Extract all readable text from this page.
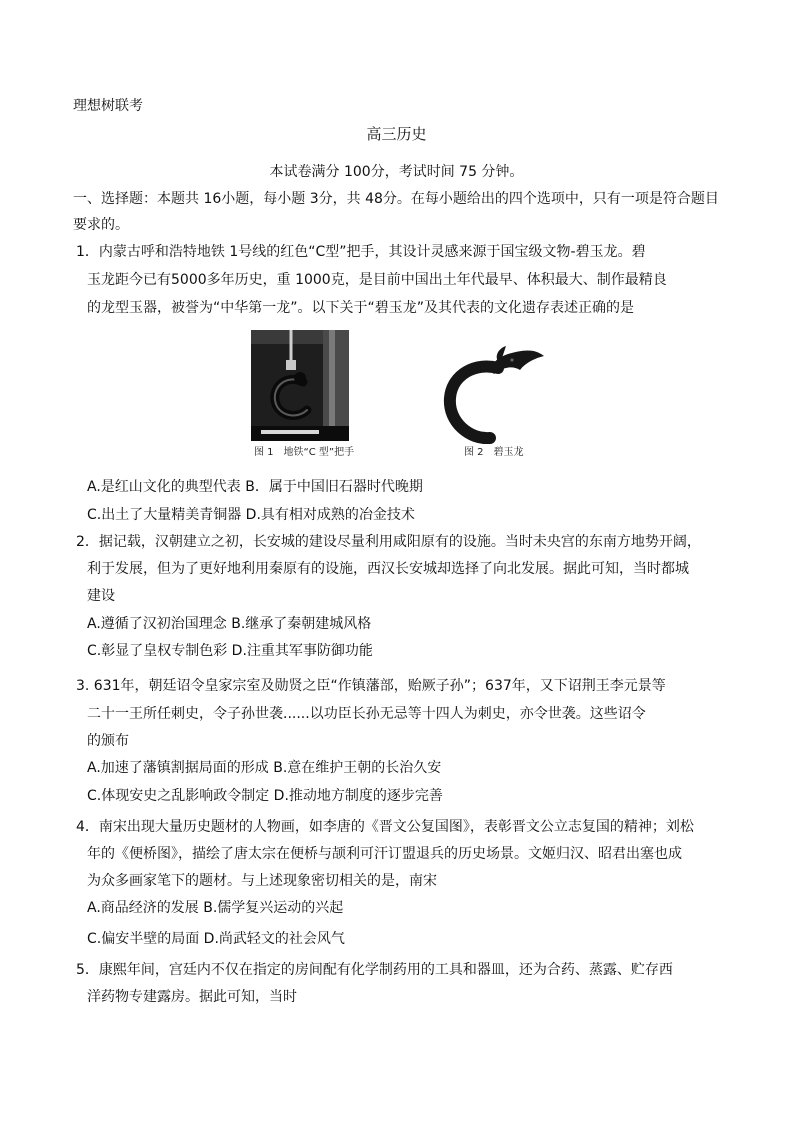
理想树联考
高三历史
本试卷满分 100分，考试时间 75 分钟。
一、选择题：本题共 16小题，每小题 3分，共 48分。在每小题给出的四个选项中，只有一项是符合题目
要求的。
1．内蒙古呼和浩特地铁 1号线的红色“C型”把手，其设计灵感来源于国宝级文物-碧玉龙。碧
玉龙距今已有5000多年历史，重 1000克，是目前中国出土年代最早、体积最大、制作最精良
的龙型玉器，被誉为“中华第一龙”。以下关于“碧玉龙”及其代表的文化遗存表述正确的是
图 1　地铁“C 型”把手	图 2　碧玉龙
A.是红山文化的典型代表 B．属于中国旧石器时代晚期
C.出土了大量精美青铜器 D.具有相对成熟的冶金技术
2．据记载，汉朝建立之初，长安城的建设尽量利用咸阳原有的设施。当时未央宫的东南方地势开阔，
利于发展，但为了更好地利用秦原有的设施，西汉长安城却选择了向北发展。据此可知，当时都城
建设
A.遵循了汉初治国理念 B.继承了秦朝建城风格
C.彰显了皇权专制色彩 D.注重其军事防御功能
3. 631年，朝廷诏令皇家宗室及勋贤之臣“作镇藩部，贻厥子孙”；637年，又下诏荆王李元景等
二十一王所任刺史，令子孙世袭......以功臣长孙无忌等十四人为刺史，亦令世袭。这些诏令
的颁布
A.加速了藩镇割据局面的形成 B.意在维护王朝的长治久安
C.体现安史之乱影响政令制定 D.推动地方制度的逐步完善
4．南宋出现大量历史题材的人物画，如李唐的《晋文公复国图》，表彰晋文公立志复国的精神；刘松
年的《便桥图》，描绘了唐太宗在便桥与颉利可汗订盟退兵的历史场景。文姬归汉、昭君出塞也成
为众多画家笔下的题材。与上述现象密切相关的是，南宋
A.商品经济的发展 B.儒学复兴运动的兴起
C.偏安半壁的局面 D.尚武轻文的社会风气
5．康熙年间，宫廷内不仅在指定的房间配有化学制药用的工具和器皿，还为合药、蒸露、贮存西
洋药物专建露房。据此可知，当时
